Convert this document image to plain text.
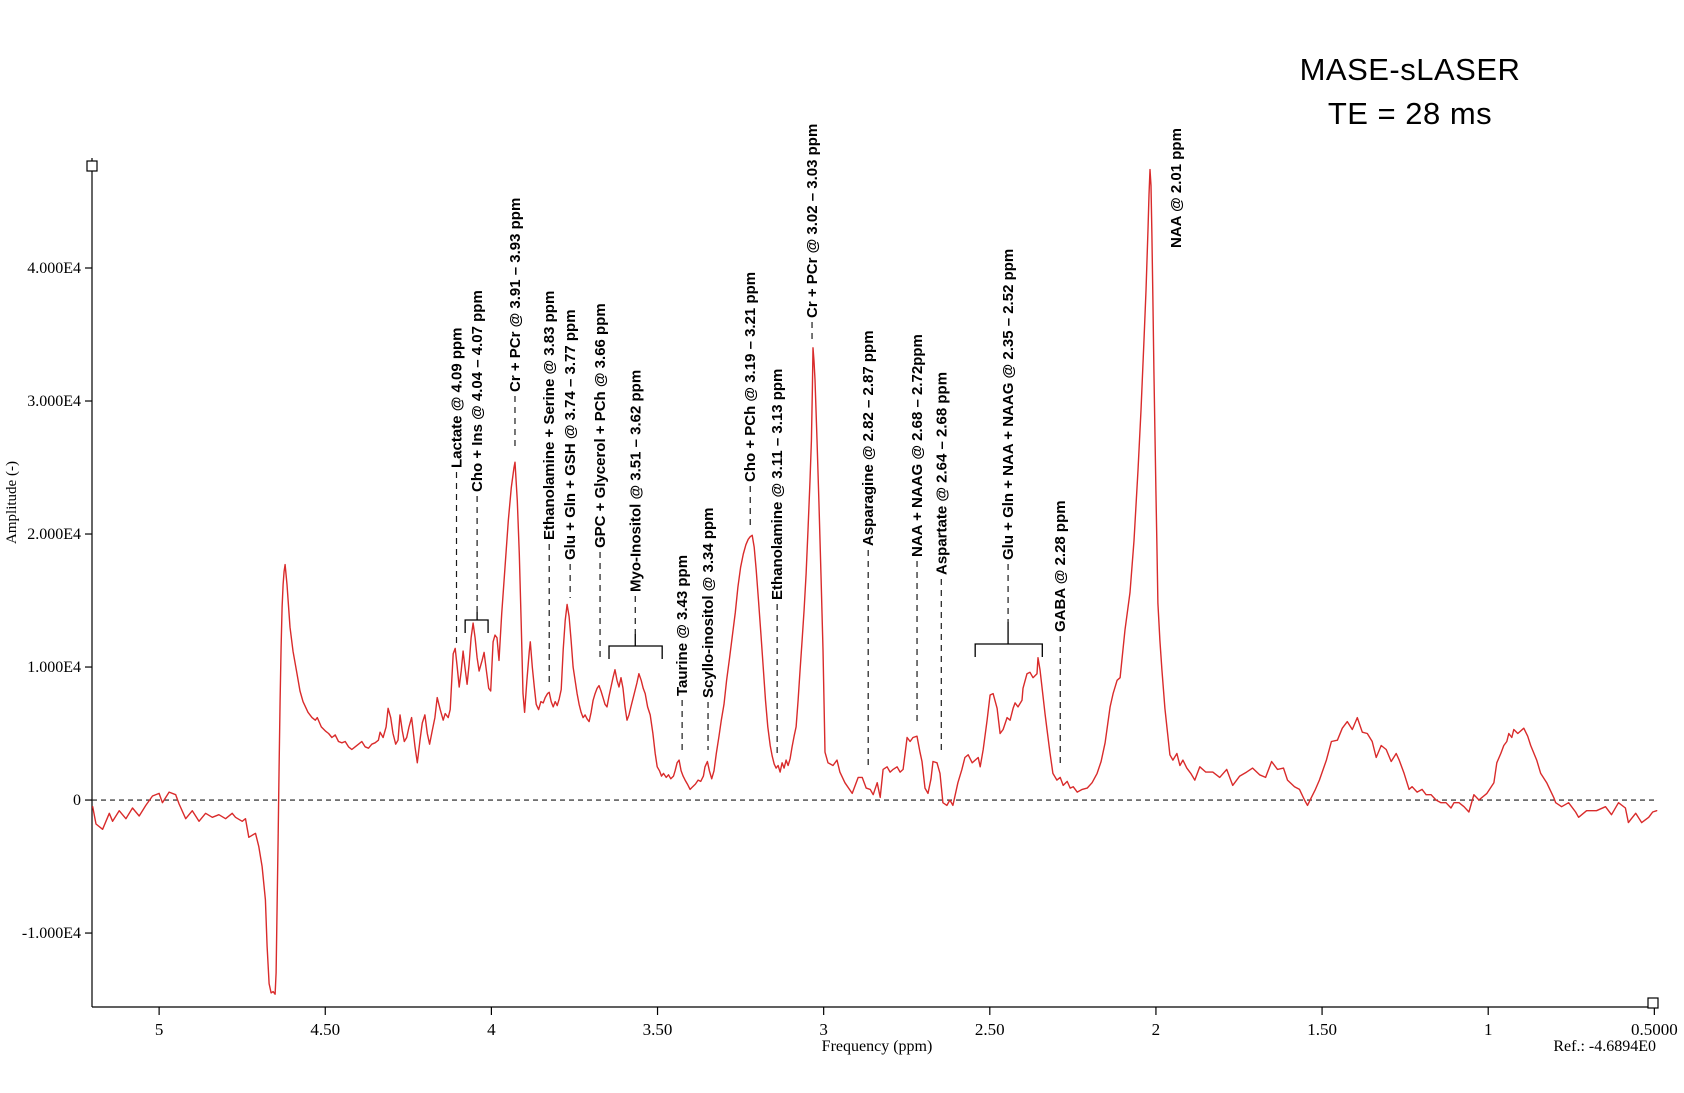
4.000E4
3.000E4
2.000E4
1.000E4
0
-1.000E4
5	4.50	4	3.50	3	2.50	2	1.50	1	0.5000
Frequency (ppm)
Amplitude (-)
Ref.: -4.6894E0
Lactate @ 4.09 ppm Cho + Ins @ 4.04 – 4.07 ppm Cr + PCr @ 3.91 – 3.93 ppm Ethanolamine + Serine @ 3.83 ppm Glu + Gln + GSH @ 3.74 – 3.77 ppm GPC + Glycerol + PCh @ 3.66 ppm Myo-Inositol @ 3.51 – 3.62 ppm
Taurine @ 3.43 ppm Scyllo-inositol @ 3.34 ppm
Cho + PCh @ 3.19 – 3.21 ppm Ethanolamine @ 3.11 – 3.13 ppm
Cr + PCr @ 3.02 – 3.03 ppm
Asparagine @ 2.82 – 2.87 ppm NAA + NAAG @ 2.68 – 2.72ppm Aspartate @ 2.64 – 2.68 ppm	Glu + Gln + NAA + NAAG @ 2.35 – 2.52 ppm
GABA @ 2.28 ppm
NAA @ 2.01 ppm
MASE-sLASER
TE = 28 ms
